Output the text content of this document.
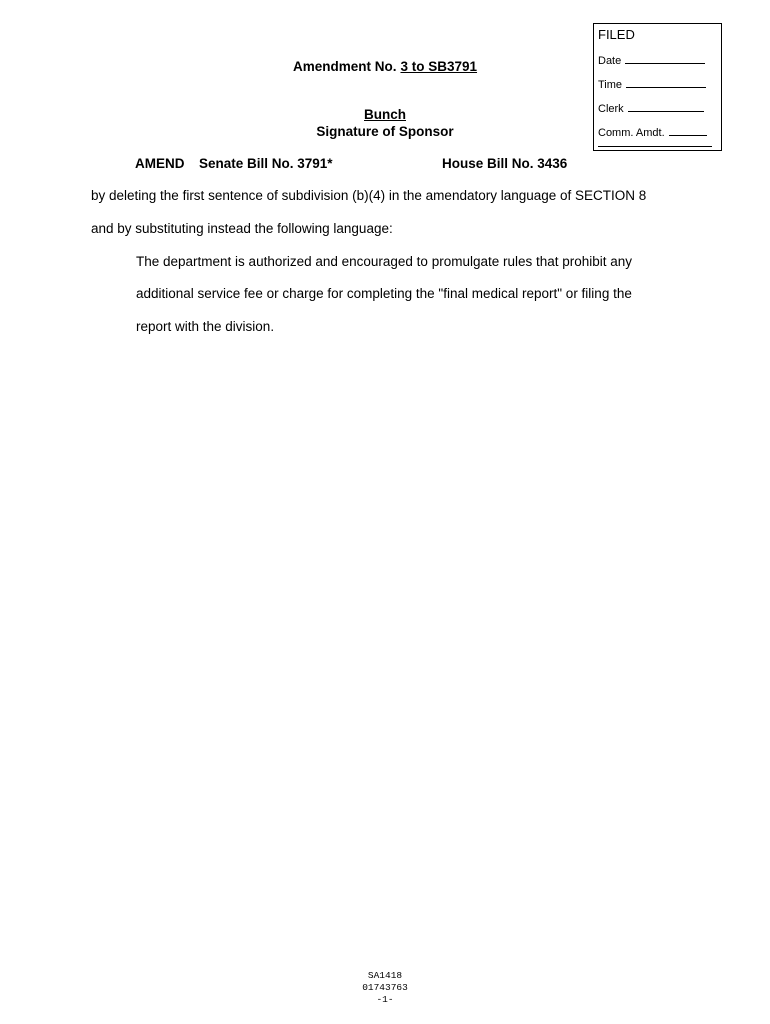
FILED
Date
Time
Clerk
Comm. Amdt.
Amendment No. 3 to SB3791
Bunch
Signature of Sponsor
AMEND Senate Bill No. 3791*	House Bill No. 3436
by deleting the first sentence of subdivision (b)(4) in the amendatory language of SECTION 8
and by substituting instead the following language:
The department is authorized and encouraged to promulgate rules that prohibit any
additional service fee or charge for completing the "final medical report" or filing the
report with the division.
SA1418
01743763
-1-
